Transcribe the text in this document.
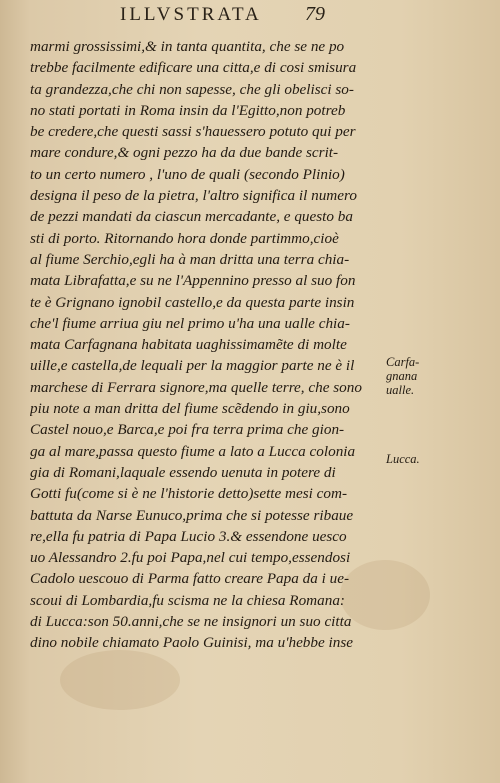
ILLVSTRATA 79
marmi grossissimi,& in tanta quantita, che se ne po
trebbe facilmente edificare una citta,e di cosi smisura
ta grandezza,che chi non sapesse, che gli obelisci so-
no stati portati in Roma insin da l'Egitto,non potreb
be credere,che questi sassi s'hauessero potuto qui per
mare condure,& ogni pezzo ha da due bande scrit-
to un certo numero , l'uno de quali (secondo Plinio)
designa il peso de la pietra, l'altro significa il numero
de pezzi mandati da ciascun mercadante, e questo ba
sti di porto. Ritornando hora donde partimmo,cioè
al fiume Serchio,egli ha à man dritta una terra chia-
mata Librafatta,e su ne l'Appennino presso al suo fon
te è Grignano ignobil castello,e da questa parte insin
che'l fiume arriua giu nel primo u'ha una ualle chia-
mata Carfagnana habitata uaghissimamẽte di molte
uille,e castella,de lequali per la maggior parte ne è il
marchese di Ferrara signore,ma quelle terre, che sono
piu note a man dritta del fiume scẽdendo in giu,sono
Castel nouo,e Barca,e poi fra terra prima che gion-
ga al mare,passa questo fiume a lato a Lucca colonia
gia di Romani,laquale essendo uenuta in potere di
Gotti fu(come si è ne l'historie detto)sette mesi com-
battuta da Narse Eunuco,prima che si potesse ribaue
re,ella fu patria di Papa Lucio 3.& essendone uesco
uo Alessandro 2.fu poi Papa,nel cui tempo,essendosi
Cadolo uescouo di Parma fatto creare Papa da i ue-
scoui di Lombardia,fu scisma ne la chiesa Romana:
di Lucca:son 50.anni,che se ne insignori un suo citta
dino nobile chiamato Paolo Guinisi, ma u'hebbe inse
Carfa-
gnana
ualle.
Lucca.
